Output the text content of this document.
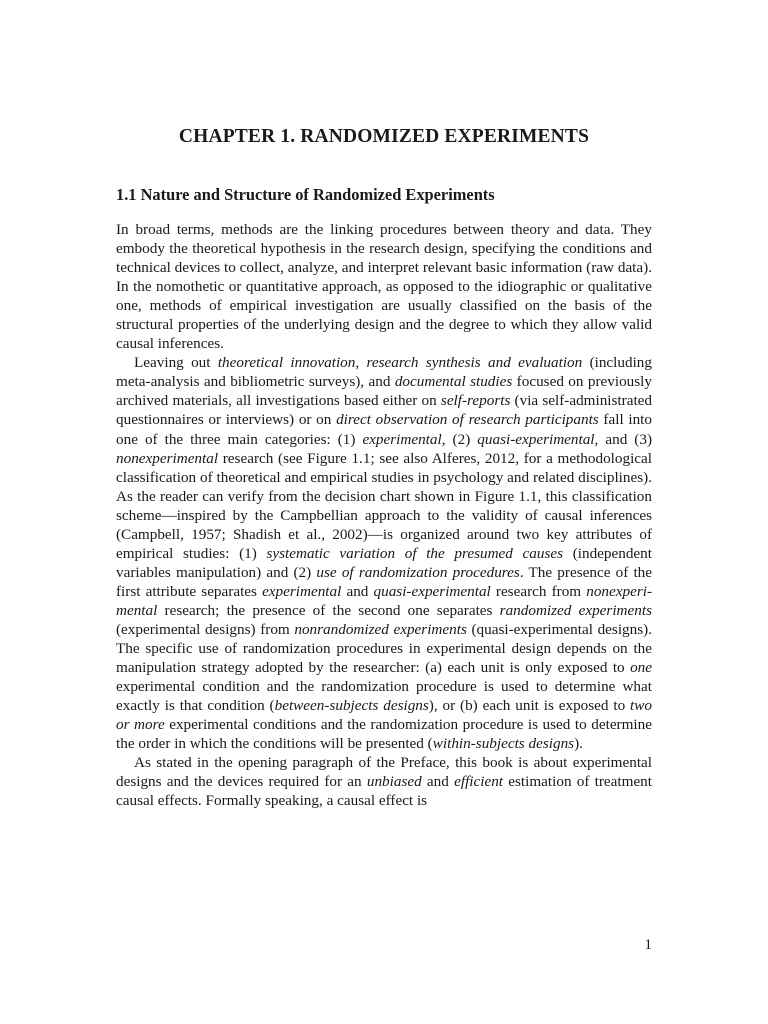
CHAPTER 1. RANDOMIZED EXPERIMENTS
1.1 Nature and Structure of Randomized Experiments

In broad terms, methods are the linking procedures between theory and data. They embody the theoretical hypothesis in the research design, specifying the conditions and technical devices to collect, analyze, and interpret relevant basic information (raw data). In the nomothetic or quantitative approach, as opposed to the idiographic or qualitative one, methods of empirical investigation are usually classified on the basis of the structural properties of the underlying design and the degree to which they allow valid causal inferences.

Leaving out theoretical innovation, research synthesis and evaluation (including meta-analysis and bibliometric surveys), and documental studies focused on previously archived materials, all investigations based either on self-reports (via self-administrated questionnaires or interviews) or on direct observation of research participants fall into one of the three main categories: (1) experimental, (2) quasi-experimental, and (3) nonexperimental research (see Figure 1.1; see also Alferes, 2012, for a methodological classification of theoretical and empirical studies in psychology and related disciplines). As the reader can verify from the decision chart shown in Figure 1.1, this classification scheme—inspired by the Campbellian approach to the validity of causal inferences (Campbell, 1957; Shadish et al., 2002)—is organized around two key attributes of empirical studies: (1) systematic variation of the presumed causes (independent variables manipulation) and (2) use of randomization procedures. The presence of the first attribute separates experimental and quasi-experimental research from nonexperimental research; the presence of the second one separates randomized experiments (experimental designs) from nonrandomized experiments (quasi-experimental designs). The specific use of randomization procedures in experimental design depends on the manipulation strategy adopted by the researcher: (a) each unit is only exposed to one experimental condition and the randomization procedure is used to determine what exactly is that condition (between-subjects designs), or (b) each unit is exposed to two or more experimental conditions and the randomization procedure is used to determine the order in which the conditions will be presented (within-subjects designs).

As stated in the opening paragraph of the Preface, this book is about experimental designs and the devices required for an unbiased and efficient estimation of treatment causal effects. Formally speaking, a causal effect is

1
